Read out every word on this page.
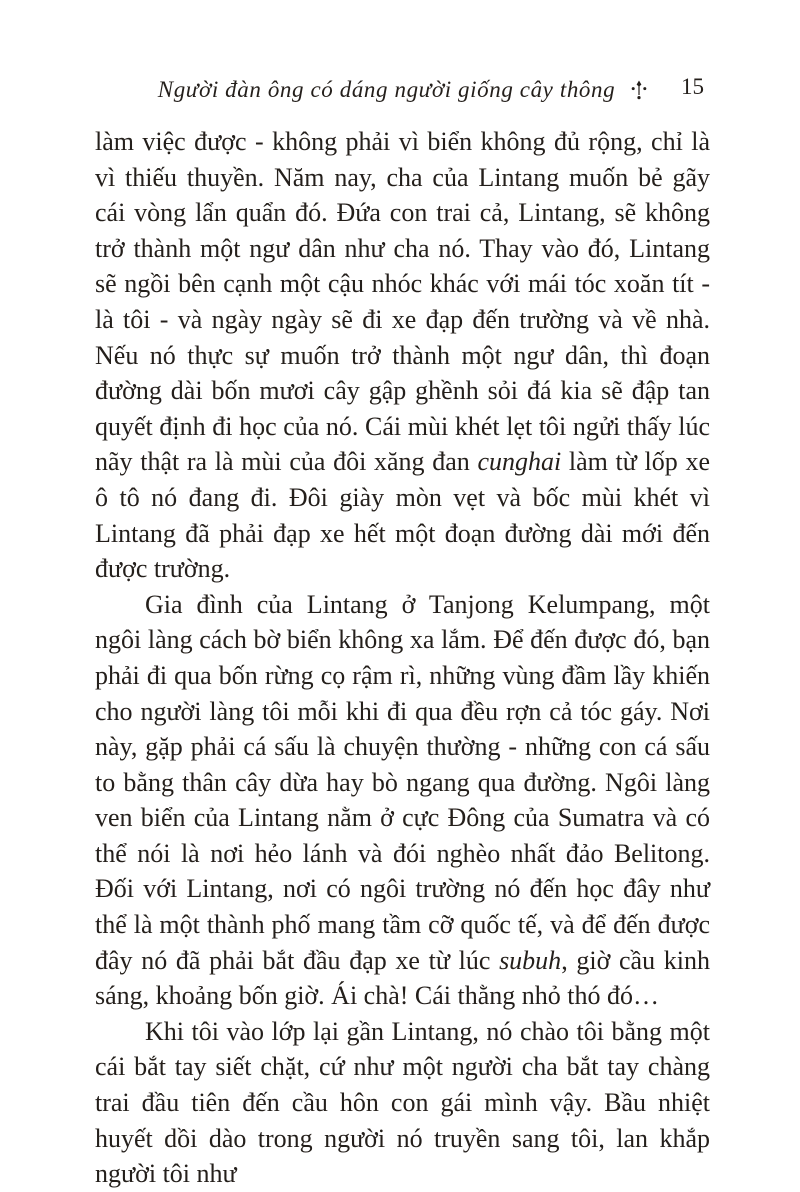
Người đàn ông có dáng người giống cây thông	15

làm việc được - không phải vì biển không đủ rộng, chỉ là vì thiếu thuyền. Năm nay, cha của Lintang muốn bẻ gãy cái vòng lẩn quẩn đó. Đứa con trai cả, Lintang, sẽ không trở thành một ngư dân như cha nó. Thay vào đó, Lintang sẽ ngồi bên cạnh một cậu nhóc khác với mái tóc xoăn tít - là tôi - và ngày ngày sẽ đi xe đạp đến trường và về nhà. Nếu nó thực sự muốn trở thành một ngư dân, thì đoạn đường dài bốn mươi cây gập ghềnh sỏi đá kia sẽ đập tan quyết định đi học của nó. Cái mùi khét lẹt tôi ngửi thấy lúc nãy thật ra là mùi của đôi xăng đan cunghai làm từ lốp xe ô tô nó đang đi. Đôi giày mòn vẹt và bốc mùi khét vì Lintang đã phải đạp xe hết một đoạn đường dài mới đến được trường.

Gia đình của Lintang ở Tanjong Kelumpang, một ngôi làng cách bờ biển không xa lắm. Để đến được đó, bạn phải đi qua bốn rừng cọ rậm rì, những vùng đầm lầy khiến cho người làng tôi mỗi khi đi qua đều rợn cả tóc gáy. Nơi này, gặp phải cá sấu là chuyện thường - những con cá sấu to bằng thân cây dừa hay bò ngang qua đường. Ngôi làng ven biển của Lintang nằm ở cực Đông của Sumatra và có thể nói là nơi hẻo lánh và đói nghèo nhất đảo Belitong. Đối với Lintang, nơi có ngôi trường nó đến học đây như thể là một thành phố mang tầm cỡ quốc tế, và để đến được đây nó đã phải bắt đầu đạp xe từ lúc subuh, giờ cầu kinh sáng, khoảng bốn giờ. Ái chà! Cái thằng nhỏ thó đó…

Khi tôi vào lớp lại gần Lintang, nó chào tôi bằng một cái bắt tay siết chặt, cứ như một người cha bắt tay chàng trai đầu tiên đến cầu hôn con gái mình vậy. Bầu nhiệt huyết dồi dào trong người nó truyền sang tôi, lan khắp người tôi như
